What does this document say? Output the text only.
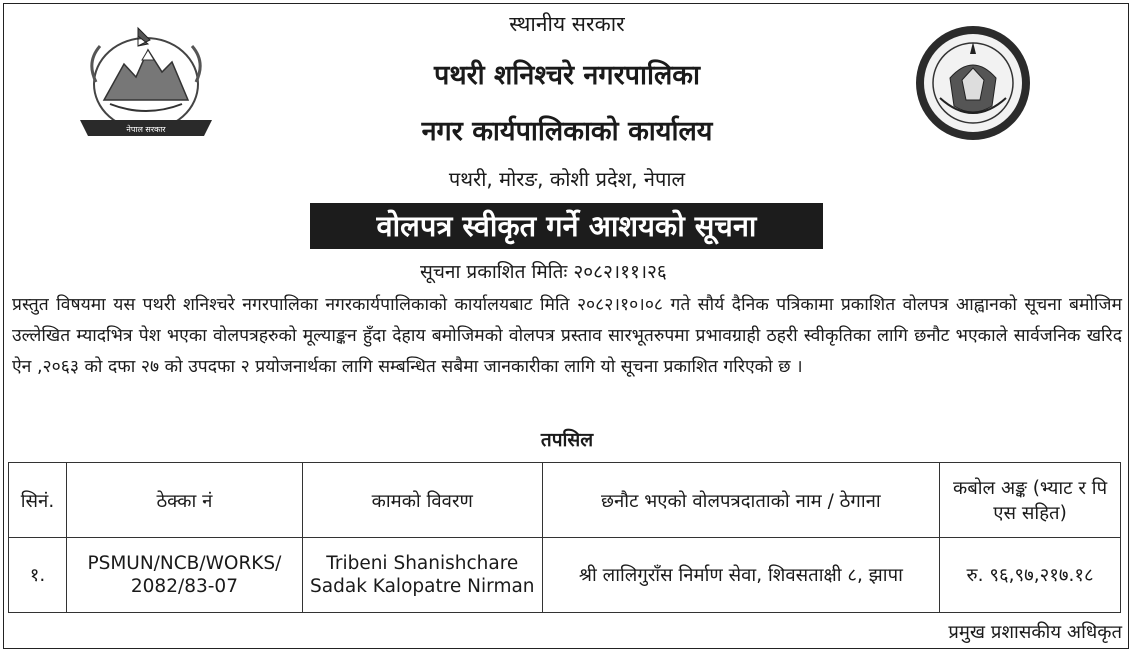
नेपाल सरकार
स्थानीय सरकार
पथरी शनिश्चरे नगरपालिका
नगर कार्यपालिकाको कार्यालय
पथरी, मोरङ, कोशी प्रदेश, नेपाल
वोलपत्र स्वीकृत गर्ने आशयको सूचना
सूचना प्रकाशित मितिः २०८२।११।२६
प्रस्तुत विषयमा यस पथरी शनिश्चरे नगरपालिका नगरकार्यपालिकाको कार्यालयबाट मिति २०८२।१०।०८ गते सौर्य दैनिक पत्रिकामा प्रकाशित वोलपत्र आह्वानको सूचना बमोजिम उल्लेखित म्यादभित्र पेश भएका वोलपत्रहरुको मूल्याङ्कन हुँदा देहाय बमोजिमको वोलपत्र प्रस्ताव सारभूतरुपमा प्रभावग्राही ठहरी स्वीकृतिका लागि छनौट भएकाले सार्वजनिक खरिद ऐन ,२०६३ को दफा २७ को उपदफा २ प्रयोजनार्थका लागि सम्बन्धित सबैमा जानकारीका लागि यो सूचना प्रकाशित गरिएको छ ।
तपसिल
सिनं.	ठेक्का नं	कामको विवरण	छनौट भएको वोलपत्रदाताको नाम / ठेगाना	कबोल अङ्क (भ्याट र पि एस सहित)
१.	PSMUN/NCB/WORKS/ 2082/83-07	Tribeni Shanishchare Sadak Kalopatre Nirman	श्री लालिगुराँस निर्माण सेवा, शिवसताक्षी ८, झापा	रु. ९६,९७,२१७.१८
प्रमुख प्रशासकीय अधिकृत
